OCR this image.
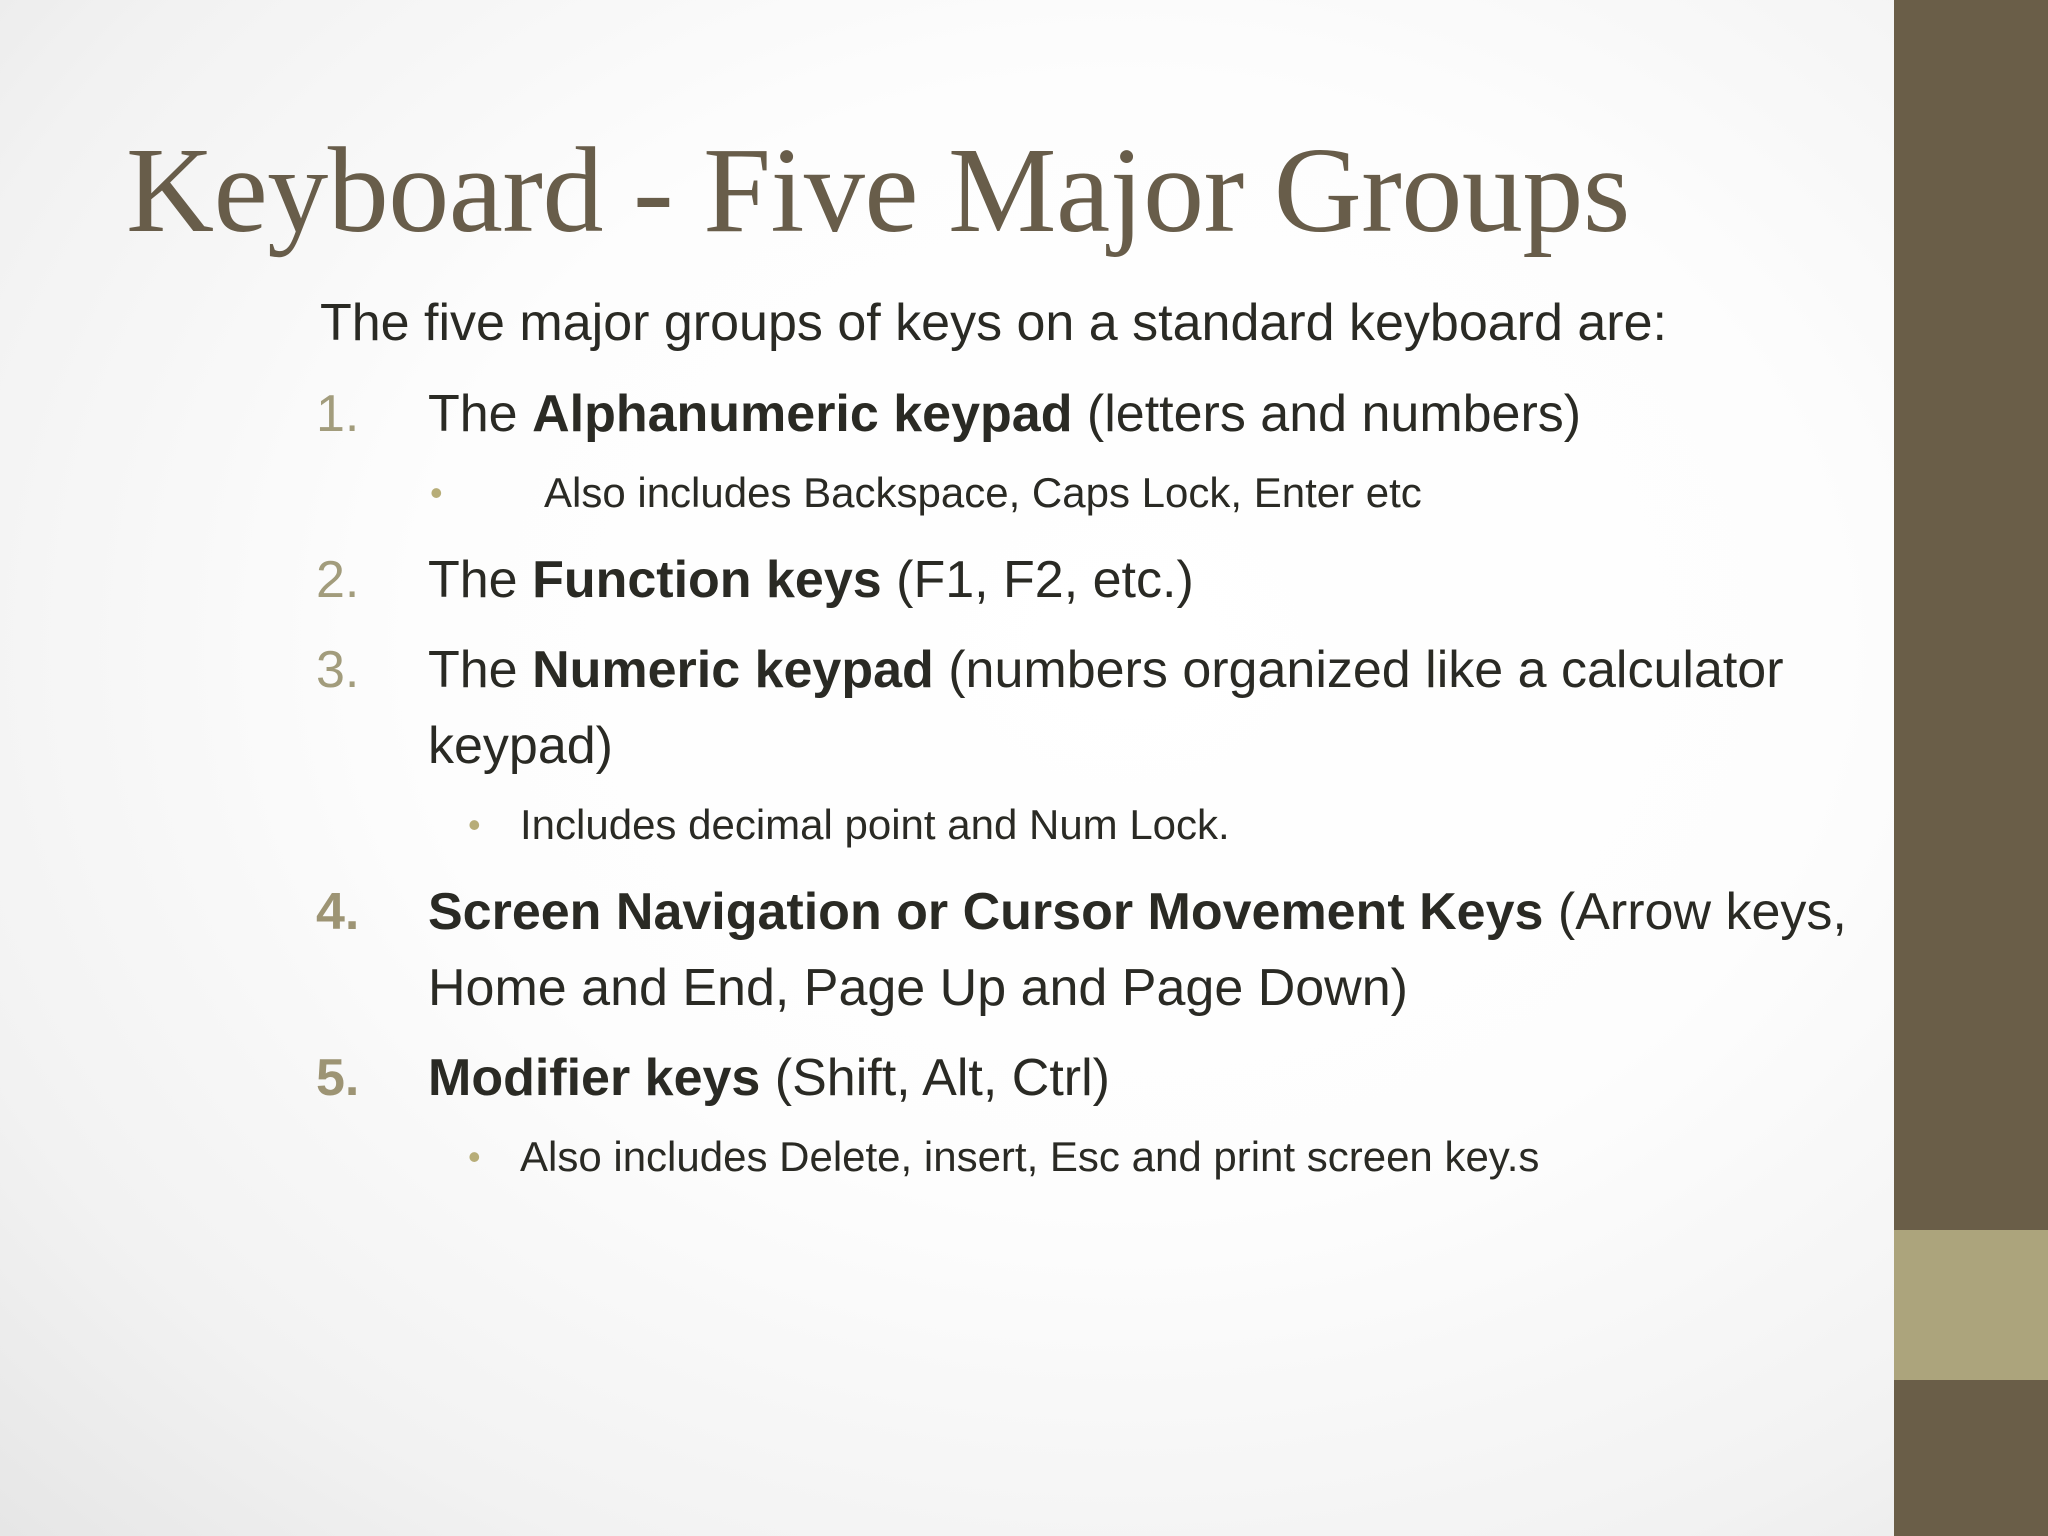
Keyboard - Five Major Groups
The five major groups of keys on a standard keyboard are:
1. The Alphanumeric keypad (letters and numbers)
• Also includes Backspace, Caps Lock, Enter etc
2. The Function keys (F1, F2, etc.)
3. The Numeric keypad (numbers organized like a calculator keypad)
• Includes decimal point and Num Lock.
4. Screen Navigation or Cursor Movement Keys (Arrow keys, Home and End, Page Up and Page Down)
5. Modifier keys (Shift, Alt, Ctrl)
• Also includes Delete, insert, Esc and print screen key.s
